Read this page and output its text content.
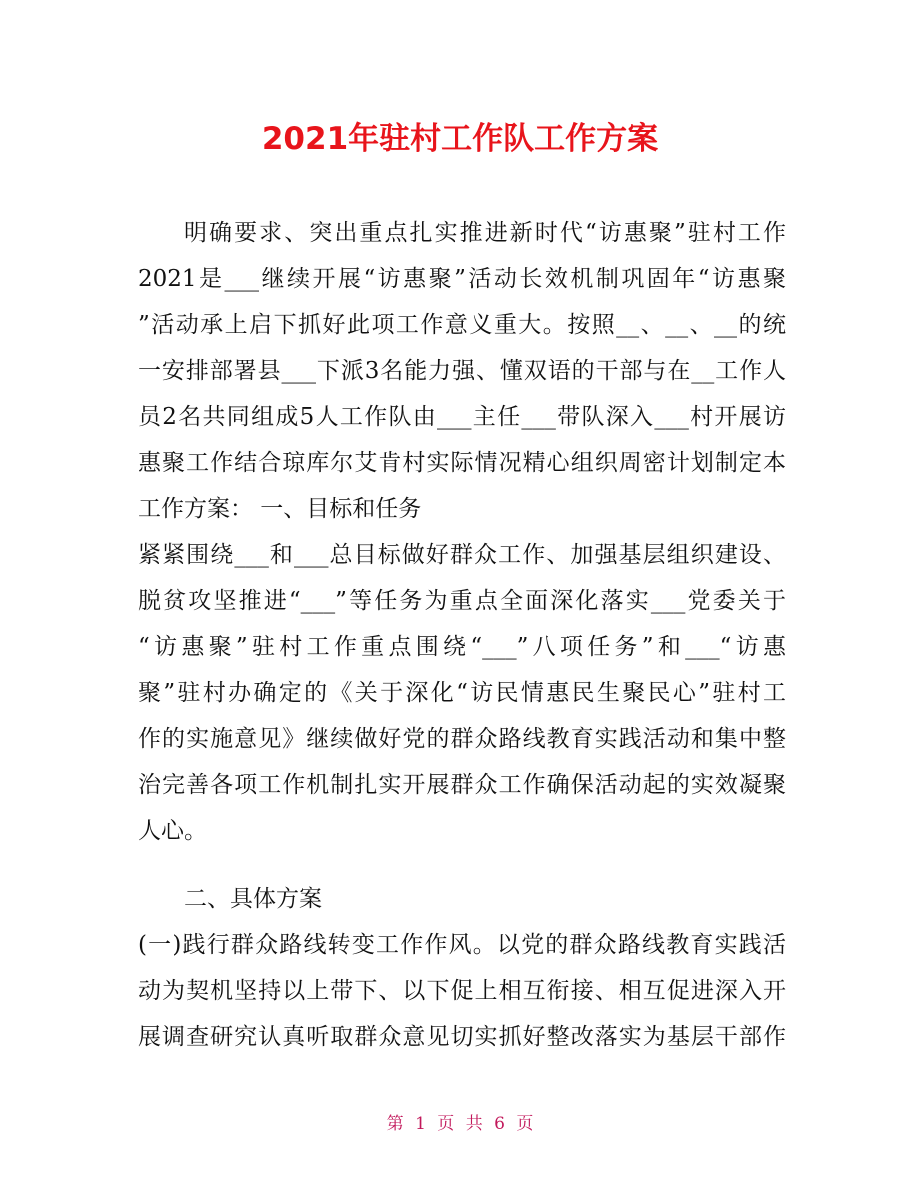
2021年驻村工作队工作方案
明确要求、突出重点扎实推进新时代“访惠聚”驻村工作
2021是___继续开展“访惠聚”活动长效机制巩固年“访惠聚
”活动承上启下抓好此项工作意义重大。按照__、__、__的统
一安排部署县___下派3名能力强、懂双语的干部与在__工作人
员2名共同组成5人工作队由___主任___带队深入___村开展访
惠聚工作结合琼库尔艾肯村实际情况精心组织周密计划制定本
工作方案： 一、目标和任务
紧紧围绕___和___总目标做好群众工作、加强基层组织建设、
脱贫攻坚推进“___”等任务为重点全面深化落实___党委关于
“访惠聚”驻村工作重点围绕“___”八项任务”和___“访惠
聚”驻村办确定的《关于深化“访民情惠民生聚民心”驻村工
作的实施意见》继续做好党的群众路线教育实践活动和集中整
治完善各项工作机制扎实开展群众工作确保活动起的实效凝聚
人心。
二、具体方案
(一)践行群众路线转变工作作风。以党的群众路线教育实践活
动为契机坚持以上带下、以下促上相互衔接、相互促进深入开
展调查研究认真听取群众意见切实抓好整改落实为基层干部作
第 1 页 共 6 页
